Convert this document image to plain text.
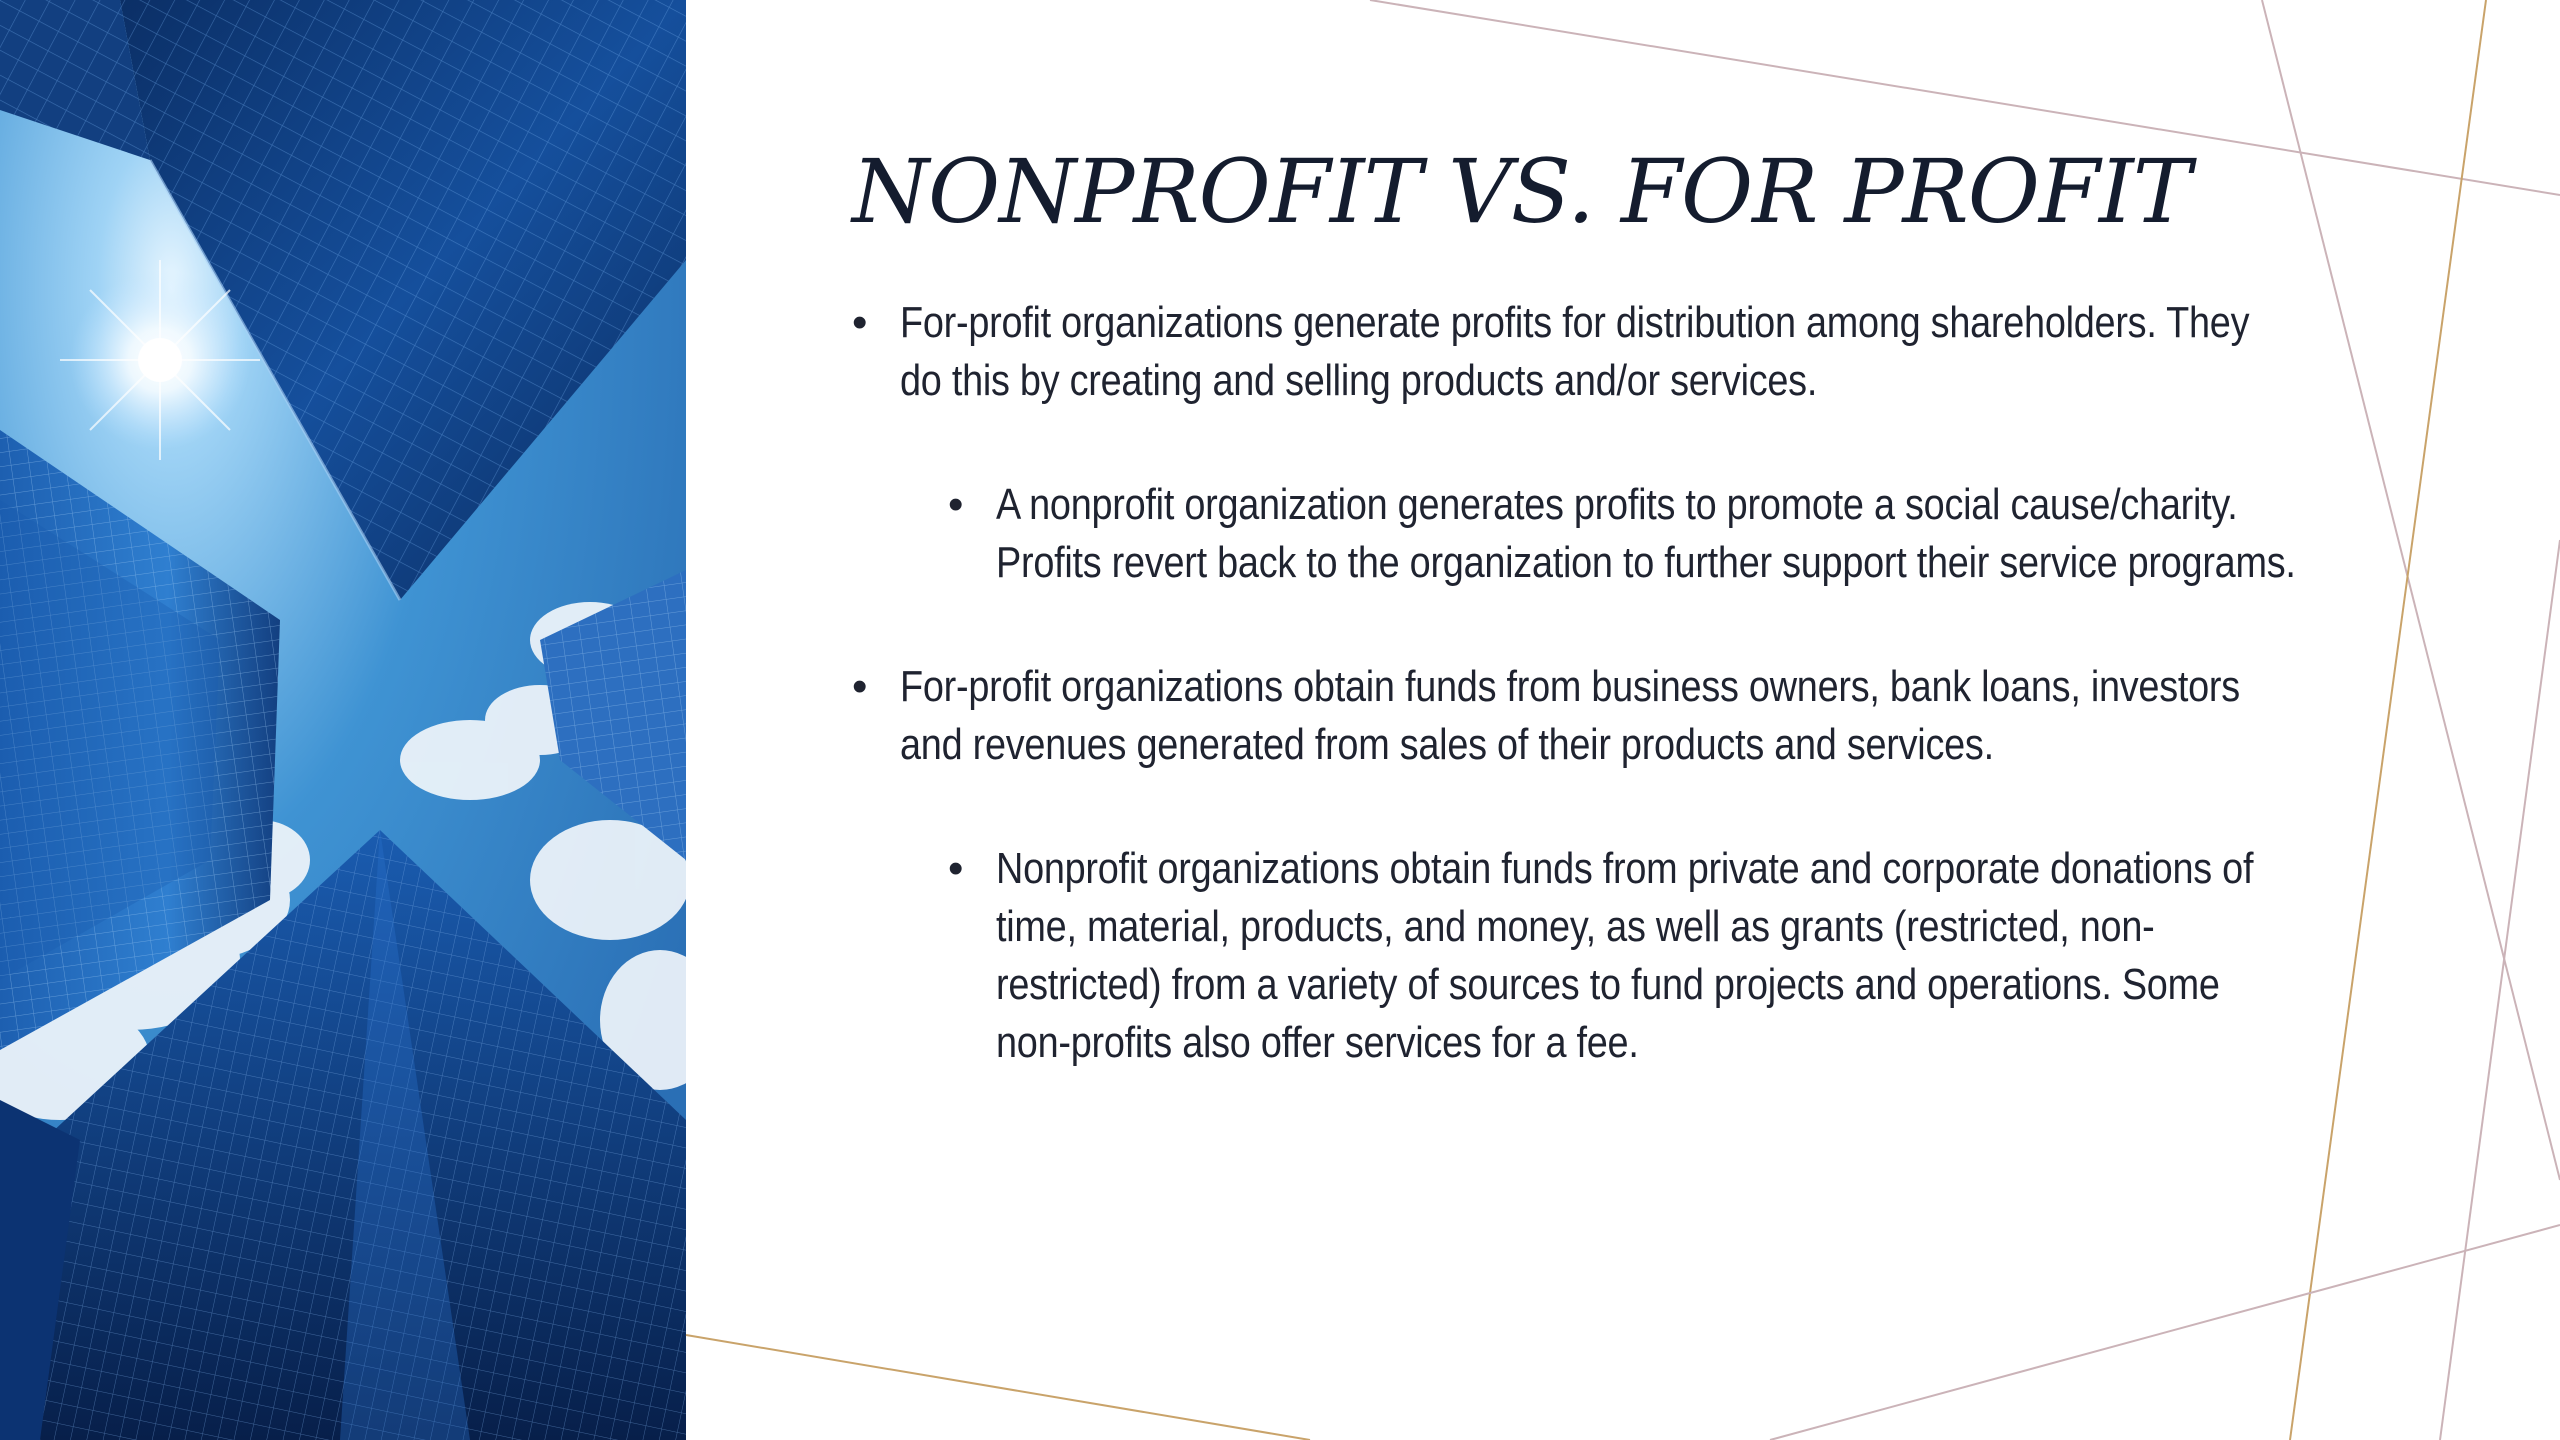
NONPROFIT VS. FOR PROFIT

• For-profit organizations generate profits for distribution among shareholders. They do this by creating and selling products and/or services.

• A nonprofit organization generates profits to promote a social cause/charity. Profits revert back to the organization to further support their service programs.

• For-profit organizations obtain funds from business owners, bank loans, investors and revenues generated from sales of their products and services.

• Nonprofit organizations obtain funds from private and corporate donations of time, material, products, and money, as well as grants (restricted, non-restricted) from a variety of sources to fund projects and operations. Some non-profits also offer services for a fee.
